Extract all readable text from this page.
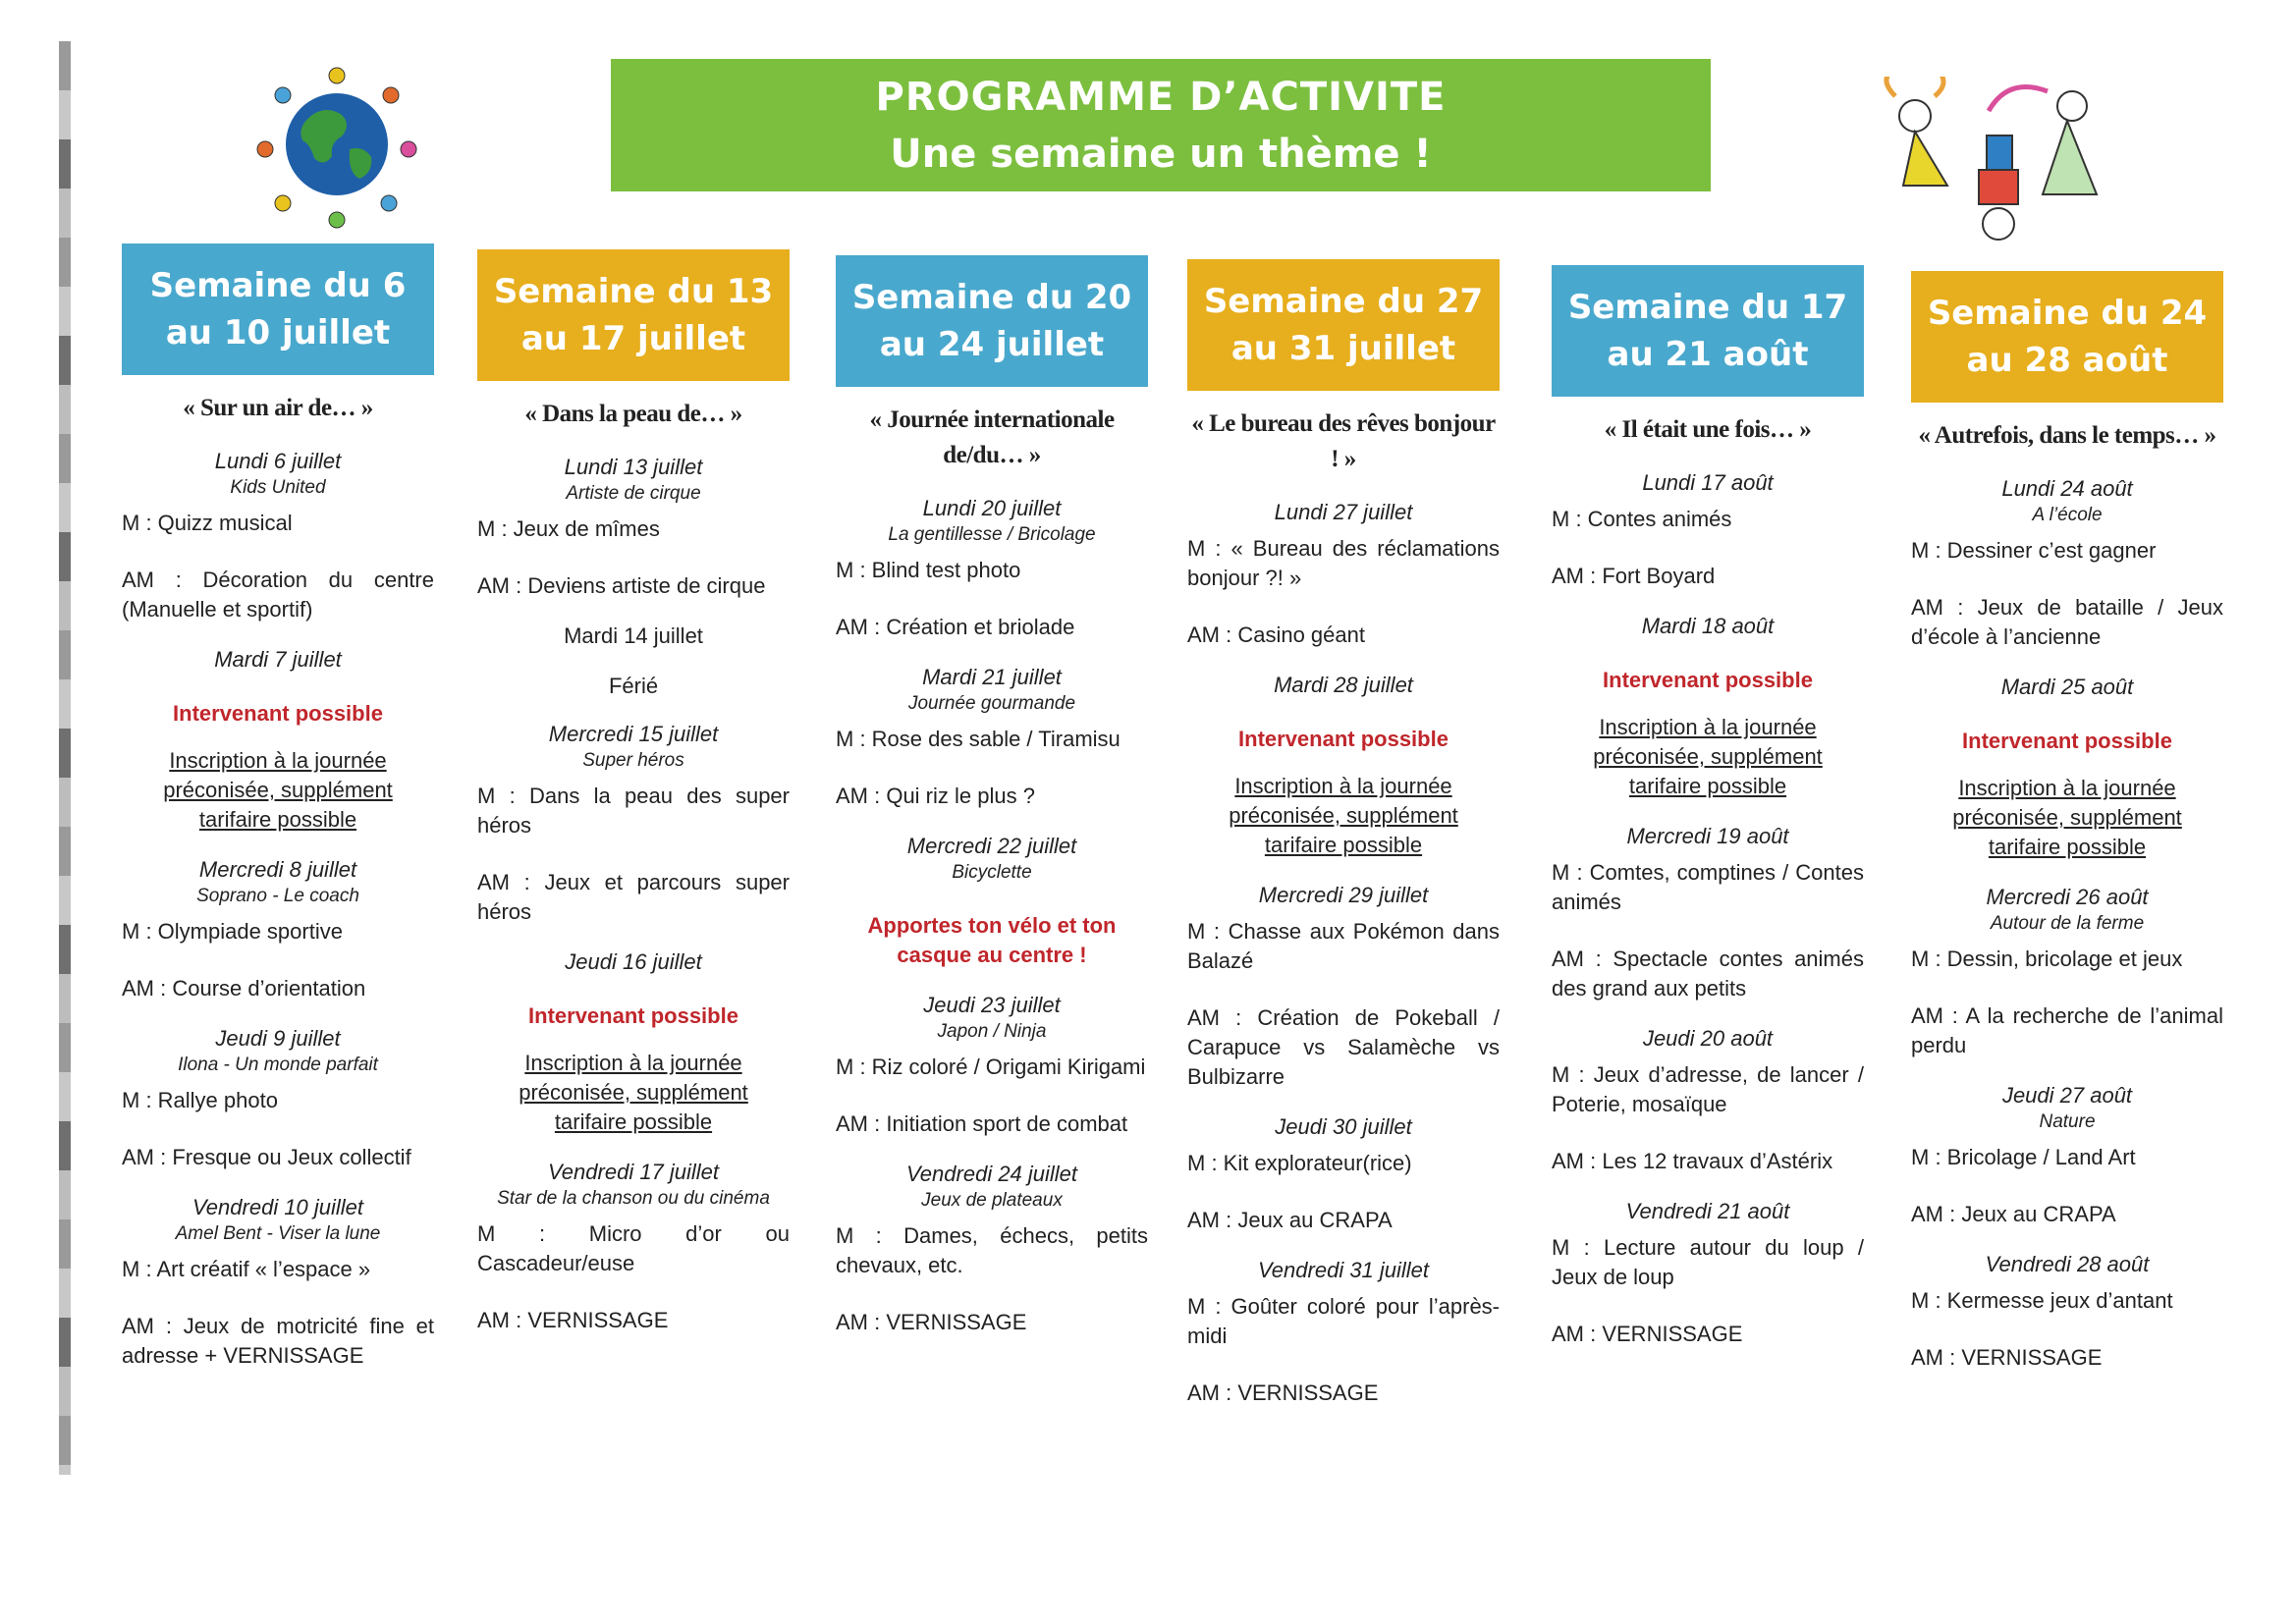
PROGRAMME D’ACTIVITE
Une semaine un thème !
Semaine du 6 au 10 juillet
« Sur un air de… »
Lundi 6 juillet
Kids United
M : Quizz musical
AM : Décoration du centre (Manuelle et sportif)
Mardi 7 juillet
Intervenant possible
Inscription à la journée préconisée, supplément tarifaire possible
Mercredi 8 juillet
Soprano - Le coach
M : Olympiade sportive
AM : Course d’orientation
Jeudi 9 juillet
Ilona - Un monde parfait
M : Rallye photo
AM : Fresque ou Jeux collectif
Vendredi 10 juillet
Amel Bent - Viser la lune
M : Art créatif « l’espace »
AM : Jeux de motricité fine et adresse + VERNISSAGE
Semaine du 13 au 17 juillet
« Dans la peau de… »
Lundi 13 juillet
Artiste de cirque
M : Jeux de mîmes
AM : Deviens artiste de cirque
Mardi 14 juillet
Férié
Mercredi 15 juillet
Super héros
M : Dans la peau des super héros
AM : Jeux et parcours super héros
Jeudi 16 juillet
Intervenant possible
Inscription à la journée préconisée, supplément tarifaire possible
Vendredi 17 juillet
Star de la chanson ou du cinéma
M : Micro d’or ou Cascadeur/euse
AM : VERNISSAGE
Semaine du 20 au 24 juillet
« Journée internationale de/du… »
Lundi 20 juillet
La gentillesse / Bricolage
M : Blind test photo
AM : Création et briolade
Mardi 21 juillet
Journée gourmande
M : Rose des sable / Tiramisu
AM : Qui riz le plus ?
Mercredi 22 juillet
Bicyclette
Apportes ton vélo et ton casque au centre !
Jeudi 23 juillet
Japon / Ninja
M : Riz coloré / Origami Kirigami
AM : Initiation sport de combat
Vendredi 24 juillet
Jeux de plateaux
M : Dames, échecs, petits chevaux, etc.
AM : VERNISSAGE
Semaine du 27 au 31 juillet
« Le bureau des rêves bonjour ! »
Lundi 27 juillet
M : « Bureau des réclamations bonjour ?! »
AM : Casino géant
Mardi 28 juillet
Intervenant possible
Inscription à la journée préconisée, supplément tarifaire possible
Mercredi 29 juillet
M : Chasse aux Pokémon dans Balazé
AM : Création de Pokeball / Carapuce vs Salamèche vs Bulbizarre
Jeudi 30 juillet
M : Kit explorateur(rice)
AM : Jeux au CRAPA
Vendredi 31 juillet
M : Goûter coloré pour l’après-midi
AM : VERNISSAGE
Semaine du 17 au 21 août
« Il était une fois… »
Lundi 17 août
M : Contes animés
AM : Fort Boyard
Mardi 18 août
Intervenant possible
Inscription à la journée préconisée, supplément tarifaire possible
Mercredi 19 août
M : Comtes, comptines / Contes animés
AM : Spectacle contes animés des grand aux petits
Jeudi 20 août
M : Jeux d’adresse, de lancer / Poterie, mosaïque
AM : Les 12 travaux d’Astérix
Vendredi 21 août
M : Lecture autour du loup / Jeux de loup
AM : VERNISSAGE
Semaine du 24 au 28 août
« Autrefois, dans le temps… »
Lundi 24 août
A l’école
M : Dessiner c’est gagner
AM : Jeux de bataille / Jeux d’école à l’ancienne
Mardi 25 août
Intervenant possible
Inscription à la journée préconisée, supplément tarifaire possible
Mercredi 26 août
Autour de la ferme
M : Dessin, bricolage et jeux
AM : A la recherche de l’animal perdu
Jeudi 27 août
Nature
M : Bricolage / Land Art
AM : Jeux au CRAPA
Vendredi 28 août
M : Kermesse jeux d’antant
AM : VERNISSAGE
